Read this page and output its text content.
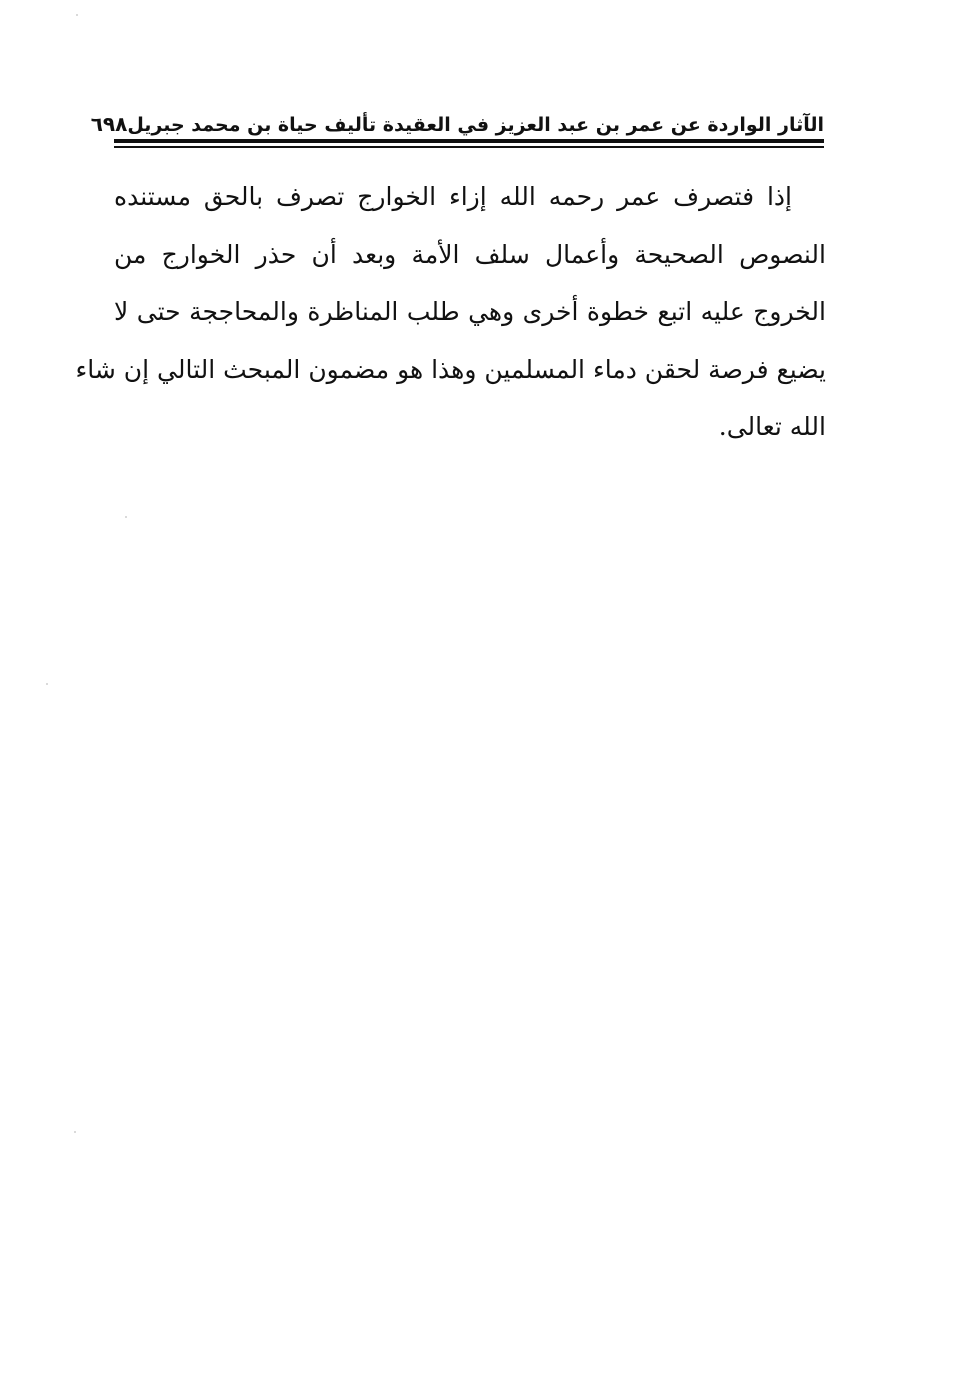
الآثار الواردة عن عمر بن عبد العزيز في العقيدة تأليف حياة بن محمد جبريل
٦٩٨
إذا فتصرف عمر رحمه الله إزاء الخوارج تصرف بالحق مستنده
النصوص الصحيحة وأعمال سلف الأمة وبعد أن حذر الخوارج من
الخروج عليه اتبع خطوة أخرى وهي طلب المناظرة والمحاججة حتى لا
يضيع فرصة لحقن دماء المسلمين وهذا هو مضمون المبحث التالي إن شاء
الله تعالى.
